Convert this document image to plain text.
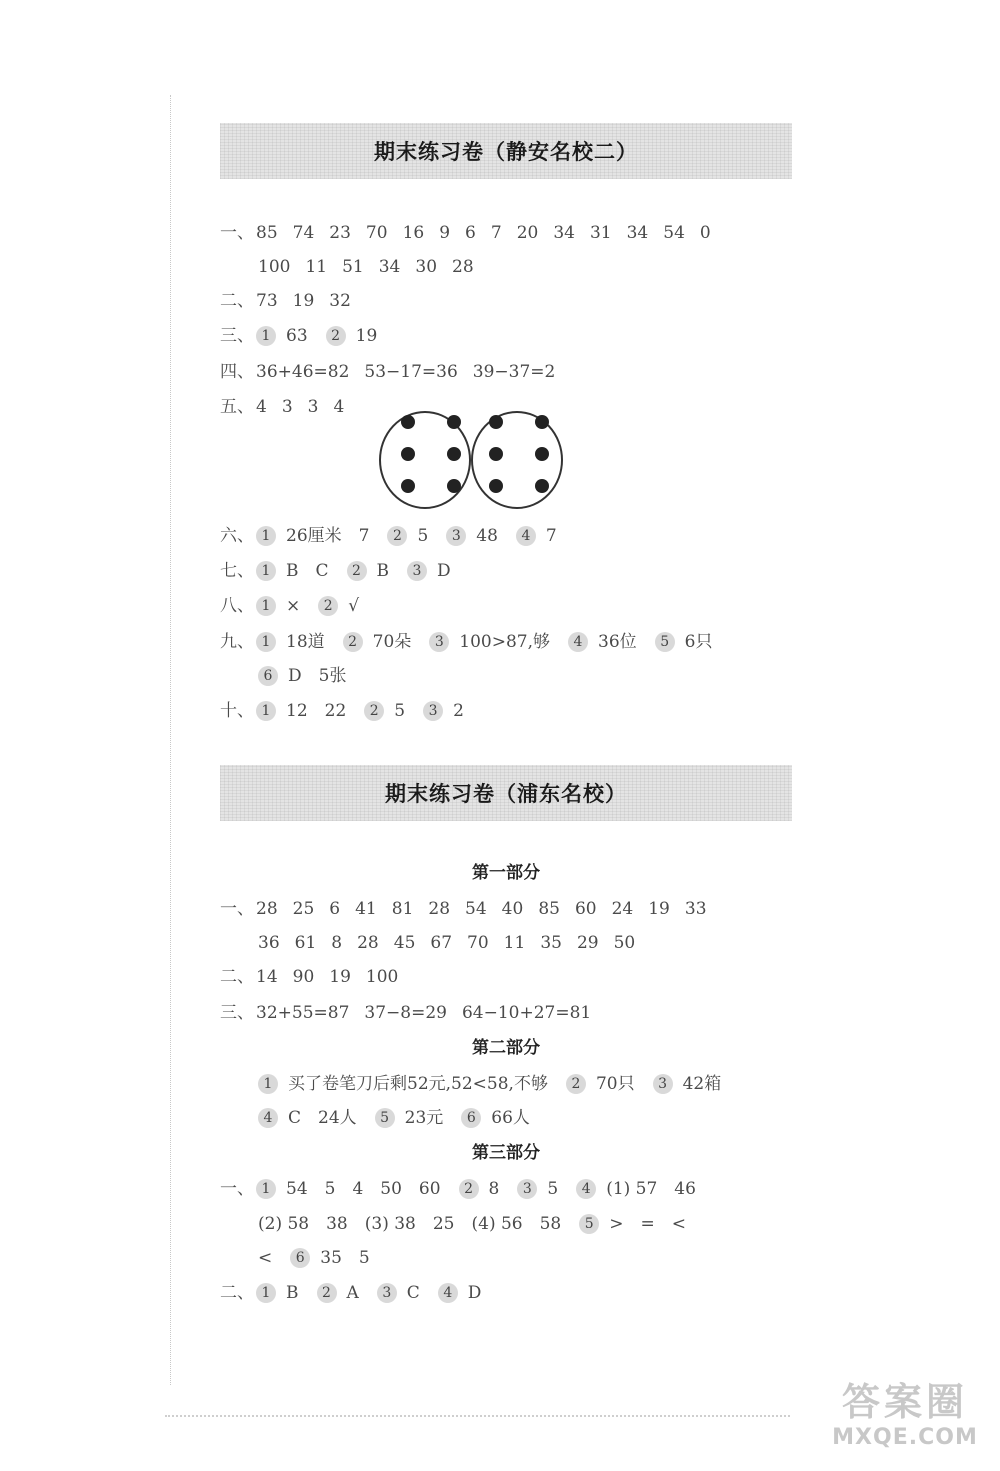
期末练习卷（静安名校二）
一、 85 74 23 70 16 9 6 7 20 34 31 34 54 0
100 11 51 34 30 28
二、 73 19 32
三、 1 63 2 19
四、 36+46=82 53−17=36 39−37=2
五、 4 3 3 4
六、 1 26厘米　7 2 5 3 48 4 7
七、 1 B　C 2 B 3 D
八、 1 × 2 √
九、 1 18道 2 70朵 3 100>87,够 4 36位 5 6只
6 D　5张
十、 1 12　22 2 5 3 2
期末练习卷（浦东名校）
第一部分
一、 28 25 6 41 81 28 54 40 85 60 24 19 33
36 61 8 28 45 67 70 11 35 29 50
二、 14 90 19 100
三、 32+55=87 37−8=29 64−10+27=81
第二部分
1 买了卷笔刀后剩52元,52<58,不够 2 70只 3 42箱
4 C　24人 5 23元 6 66人
第三部分
一、 1 54　5　4　50　60 2 8 3 5 4 (1) 57　46
(2) 58　38　(3) 38　25　(4) 56　58 5 >　=　<
< 6 35　5
二、 1 B 2 A 3 C 4 D
答案圈
MXQE.COM
